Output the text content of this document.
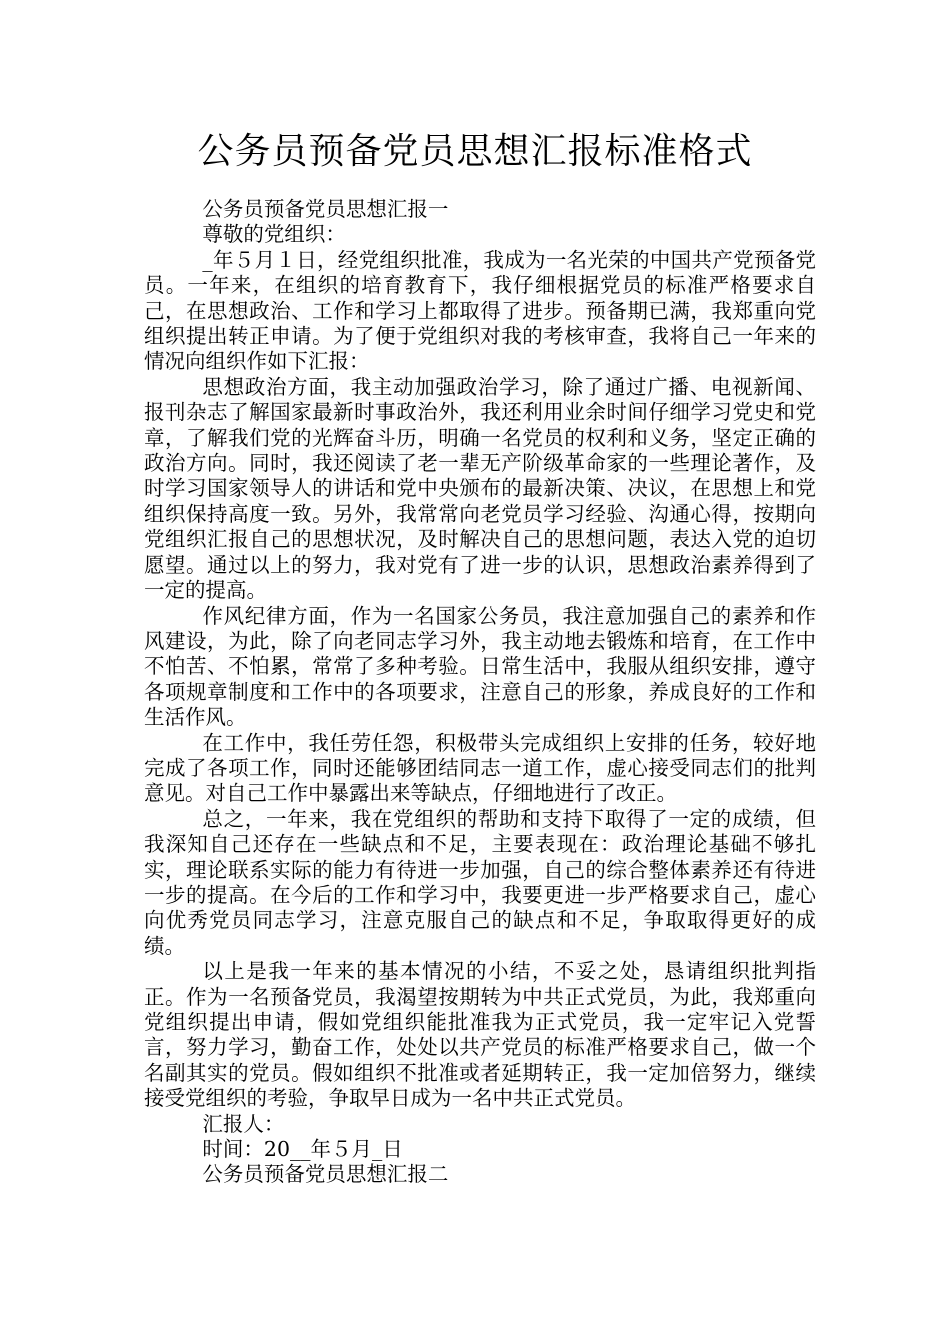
公务员预备党员思想汇报标准格式

公务员预备党员思想汇报一

尊敬的党组织：

_年５月１日，经党组织批准，我成为一名光荣的中国共产党预备党员。一年来，在组织的培育教育下，我仔细根据党员的标准严格要求自己，在思想政治、工作和学习上都取得了进步。预备期已满，我郑重向党组织提出转正申请。为了便于党组织对我的考核审查，我将自己一年来的情况向组织作如下汇报：

思想政治方面，我主动加强政治学习，除了通过广播、电视新闻、报刊杂志了解国家最新时事政治外，我还利用业余时间仔细学习党史和党章，了解我们党的光辉奋斗历，明确一名党员的权利和义务，坚定正确的政治方向。同时，我还阅读了老一辈无产阶级革命家的一些理论著作，及时学习国家领导人的讲话和党中央颁布的最新决策、决议，在思想上和党组织保持高度一致。另外，我常常向老党员学习经验、沟通心得，按期向党组织汇报自己的思想状况，及时解决自己的思想问题，表达入党的迫切愿望。通过以上的努力，我对党有了进一步的认识，思想政治素养得到了一定的提高。

作风纪律方面，作为一名国家公务员，我注意加强自己的素养和作风建设，为此，除了向老同志学习外，我主动地去锻炼和培育，在工作中不怕苦、不怕累，常常了多种考验。日常生活中，我服从组织安排，遵守各项规章制度和工作中的各项要求，注意自己的形象，养成良好的工作和生活作风。

在工作中，我任劳任怨，积极带头完成组织上安排的任务，较好地完成了各项工作，同时还能够团结同志一道工作，虚心接受同志们的批判意见。对自己工作中暴露出来等缺点，仔细地进行了改正。

总之，一年来，我在党组织的帮助和支持下取得了一定的成绩，但我深知自己还存在一些缺点和不足，主要表现在：政治理论基础不够扎实，理论联系实际的能力有待进一步加强，自己的综合整体素养还有待进一步的提高。在今后的工作和学习中，我要更进一步严格要求自己，虚心向优秀党员同志学习，注意克服自己的缺点和不足，争取取得更好的成绩。

以上是我一年来的基本情况的小结，不妥之处，恳请组织批判指正。作为一名预备党员，我渴望按期转为中共正式党员，为此，我郑重向党组织提出申请，假如党组织能批准我为正式党员，我一定牢记入党誓言，努力学习，勤奋工作，处处以共产党员的标准严格要求自己，做一个名副其实的党员。假如组织不批准或者延期转正，我一定加倍努力，继续接受党组织的考验，争取早日成为一名中共正式党员。

汇报人：

时间：20__年５月_日

公务员预备党员思想汇报二
